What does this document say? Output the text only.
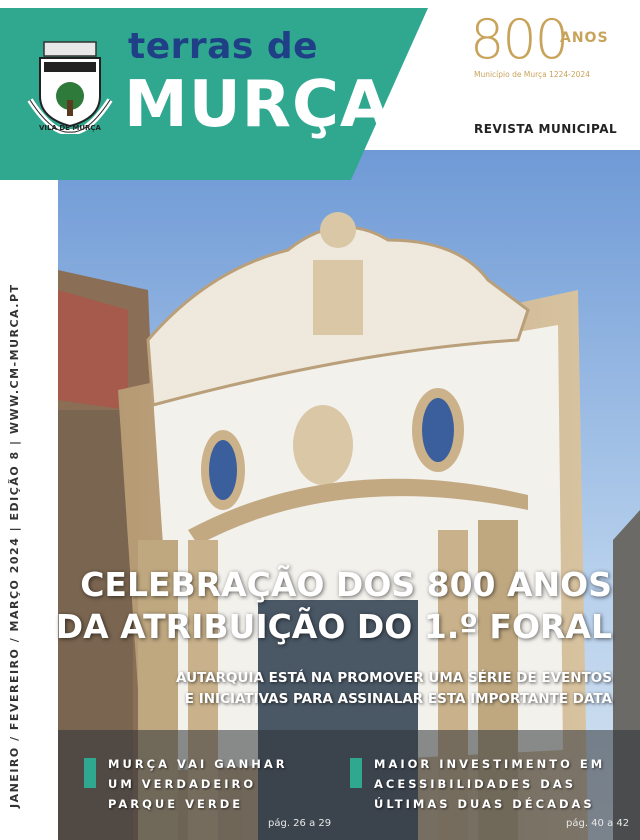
VILA DE MURÇA
terras de
MURÇA
800
ANOS
Município de Murça 1224-2024
REVISTA MUNICIPAL
JANEIRO / FEVEREIRO / MARÇO 2024 | EDIÇÃO 8 | WWW.CM-MURCA.PT	CELEBRAÇÃO DOS 800 ANOS
DA ATRIBUIÇÃO DO 1.º FORAL
AUTARQUIA ESTÁ NA PROMOVER UMA SÉRIE DE EVENTOS
E INICIATIVAS PARA ASSINALAR ESTA IMPORTANTE DATA
MURÇA VAI GANHAR
UM VERDADEIRO
PARQUE VERDE
pág. 26 a 29
MAIOR INVESTIMENTO EM
ACESSIBILIDADES DAS
ÚLTIMAS DUAS DÉCADAS
pág. 40 a 42
